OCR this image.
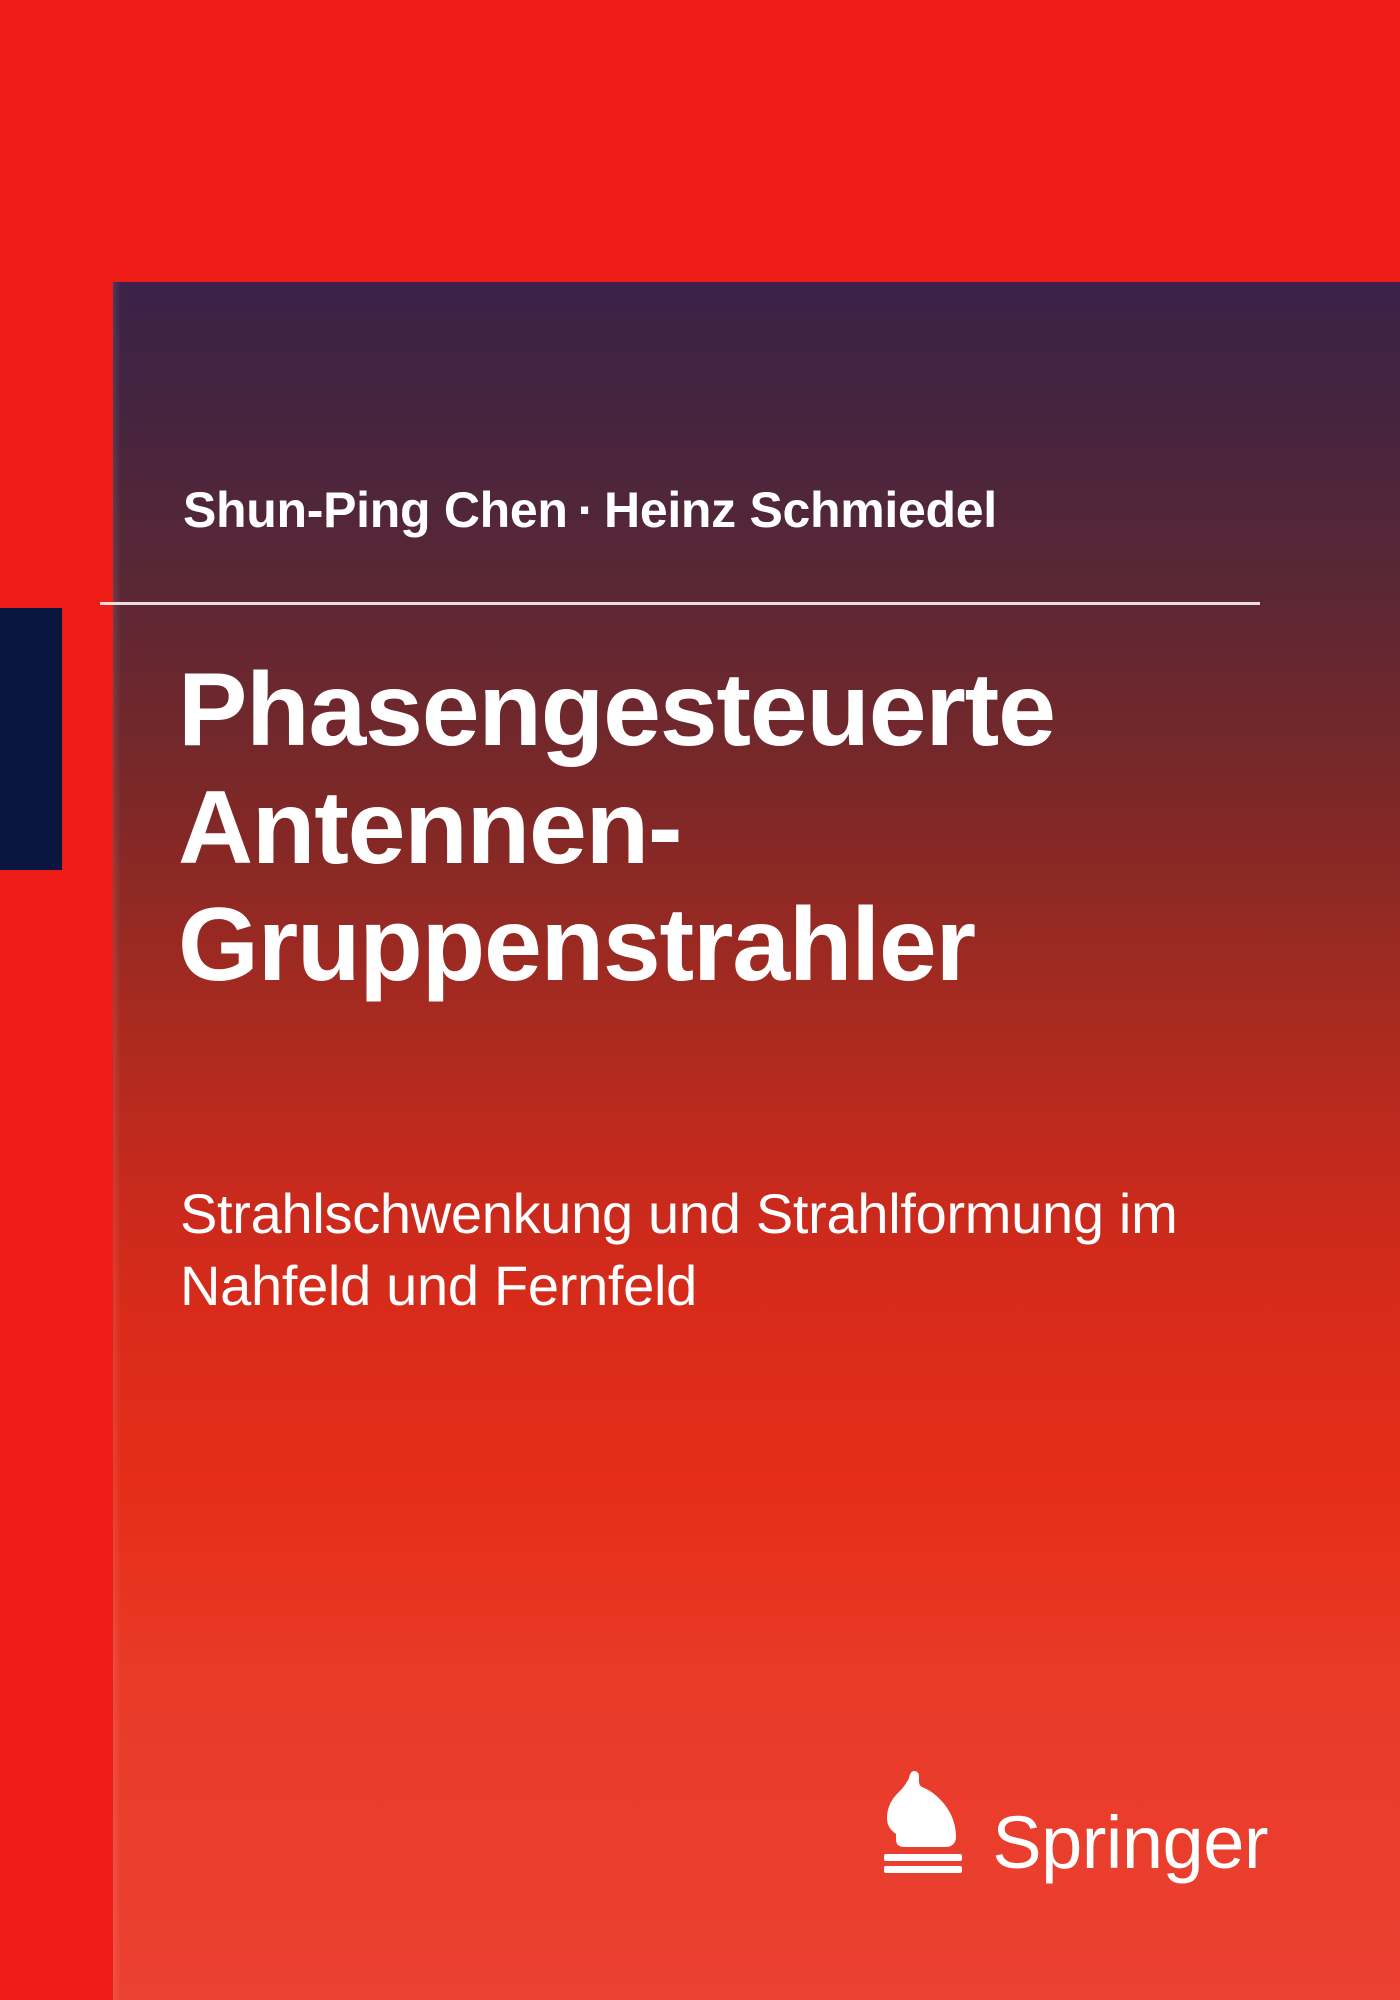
Shun-Ping Chen · Heinz Schmiedel
Phasengesteuerte
Antennen-
Gruppenstrahler
Strahlschwenkung und Strahlformung im
Nahfeld und Fernfeld
Springer
